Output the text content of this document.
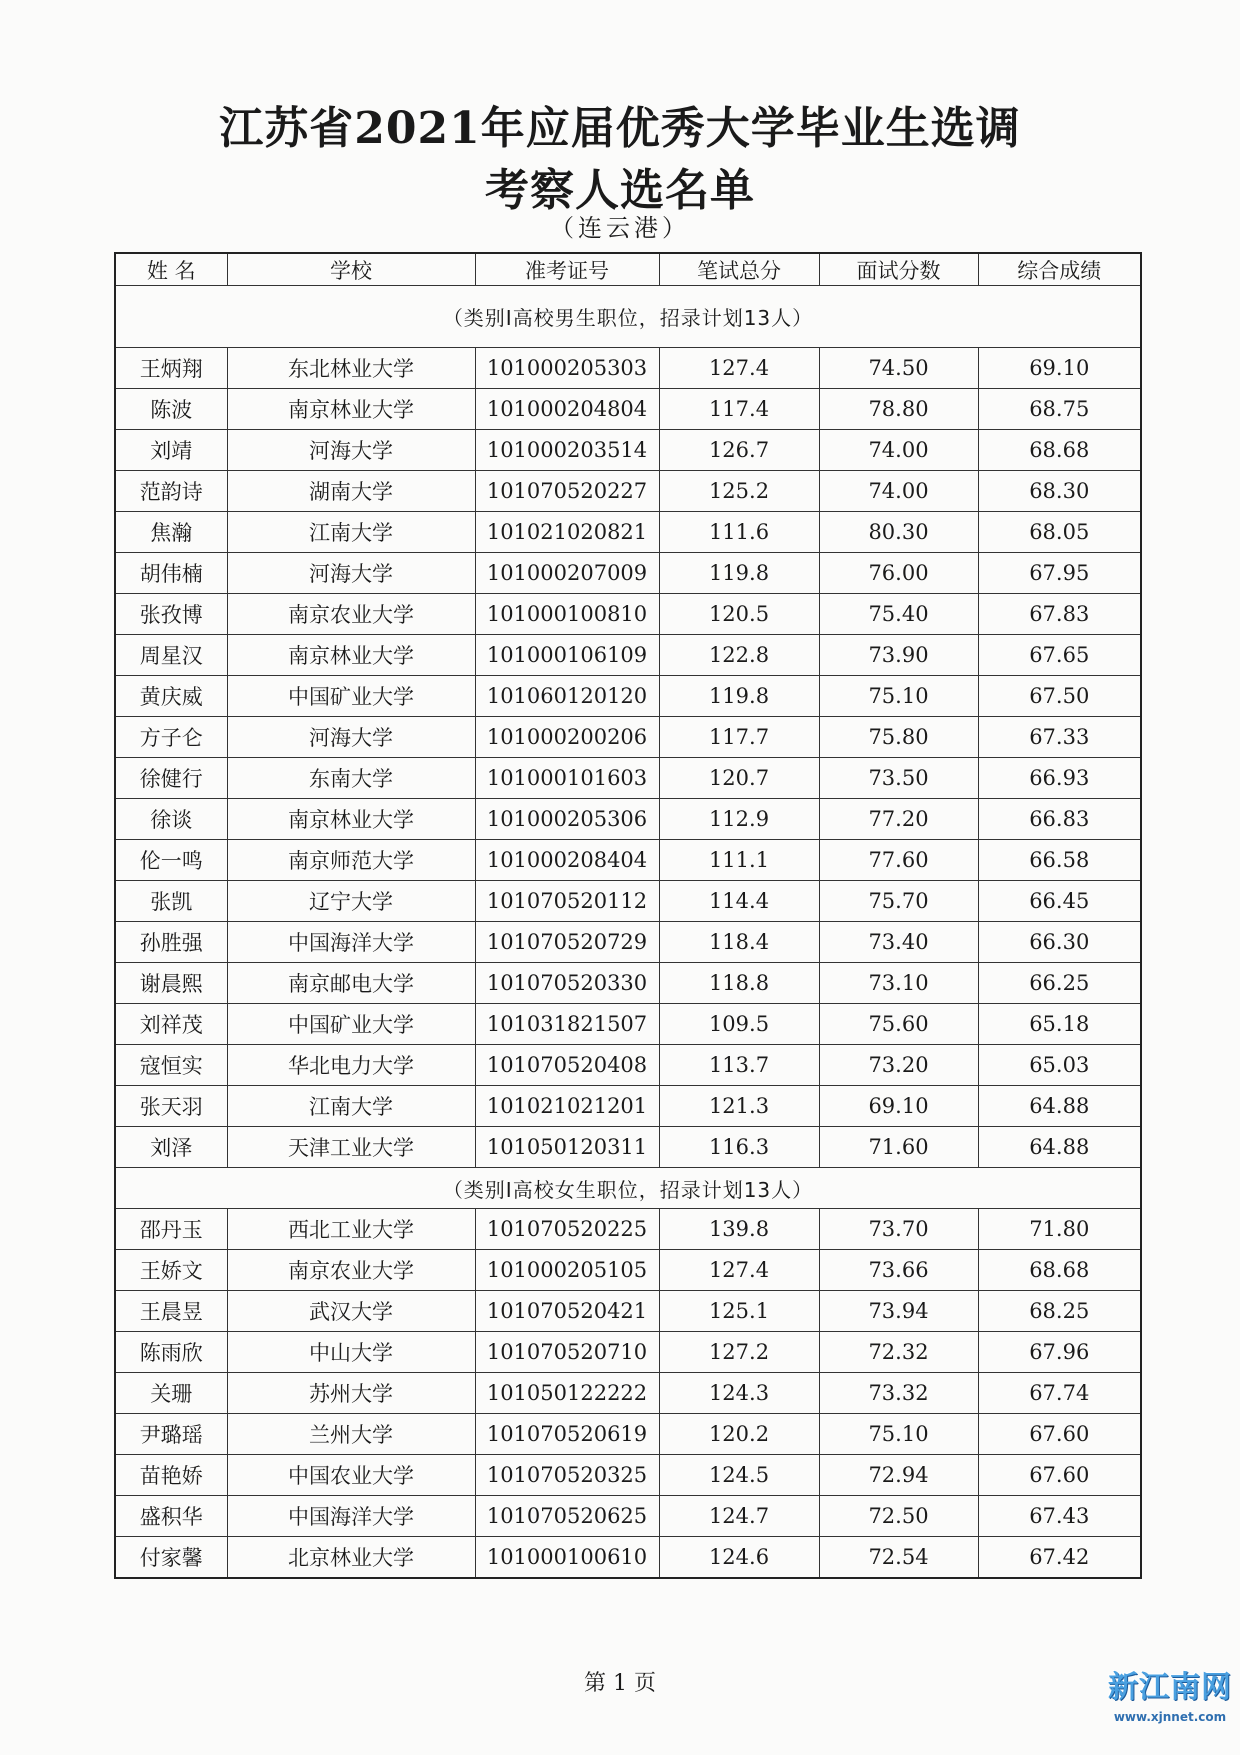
江苏省2021年应届优秀大学毕业生选调
考察人选名单
（连云港）
姓 名	学校	准考证号	笔试总分	面试分数	综合成绩
（类别Ⅰ高校男生职位，招录计划13人）					
王炳翔	东北林业大学	101000205303	127.4	74.50	69.10
陈波	南京林业大学	101000204804	117.4	78.80	68.75
刘靖	河海大学	101000203514	126.7	74.00	68.68
范韵诗	湖南大学	101070520227	125.2	74.00	68.30
焦瀚	江南大学	101021020821	111.6	80.30	68.05
胡伟楠	河海大学	101000207009	119.8	76.00	67.95
张孜博	南京农业大学	101000100810	120.5	75.40	67.83
周星汉	南京林业大学	101000106109	122.8	73.90	67.65
黄庆威	中国矿业大学	101060120120	119.8	75.10	67.50
方子仑	河海大学	101000200206	117.7	75.80	67.33
徐健行	东南大学	101000101603	120.7	73.50	66.93
徐谈	南京林业大学	101000205306	112.9	77.20	66.83
伦一鸣	南京师范大学	101000208404	111.1	77.60	66.58
张凯	辽宁大学	101070520112	114.4	75.70	66.45
孙胜强	中国海洋大学	101070520729	118.4	73.40	66.30
谢晨熙	南京邮电大学	101070520330	118.8	73.10	66.25
刘祥茂	中国矿业大学	101031821507	109.5	75.60	65.18
寇恒实	华北电力大学	101070520408	113.7	73.20	65.03
张天羽	江南大学	101021021201	121.3	69.10	64.88
刘泽	天津工业大学	101050120311	116.3	71.60	64.88
（类别Ⅰ高校女生职位，招录计划13人）					
邵丹玉	西北工业大学	101070520225	139.8	73.70	71.80
王娇文	南京农业大学	101000205105	127.4	73.66	68.68
王晨昱	武汉大学	101070520421	125.1	73.94	68.25
陈雨欣	中山大学	101070520710	127.2	72.32	67.96
关珊	苏州大学	101050122222	124.3	73.32	67.74
尹璐瑶	兰州大学	101070520619	120.2	75.10	67.60
苗艳娇	中国农业大学	101070520325	124.5	72.94	67.60
盛积华	中国海洋大学	101070520625	124.7	72.50	67.43
付家馨	北京林业大学	101000100610	124.6	72.54	67.42
第 1 页	新江南网
www.xjnnet.com
